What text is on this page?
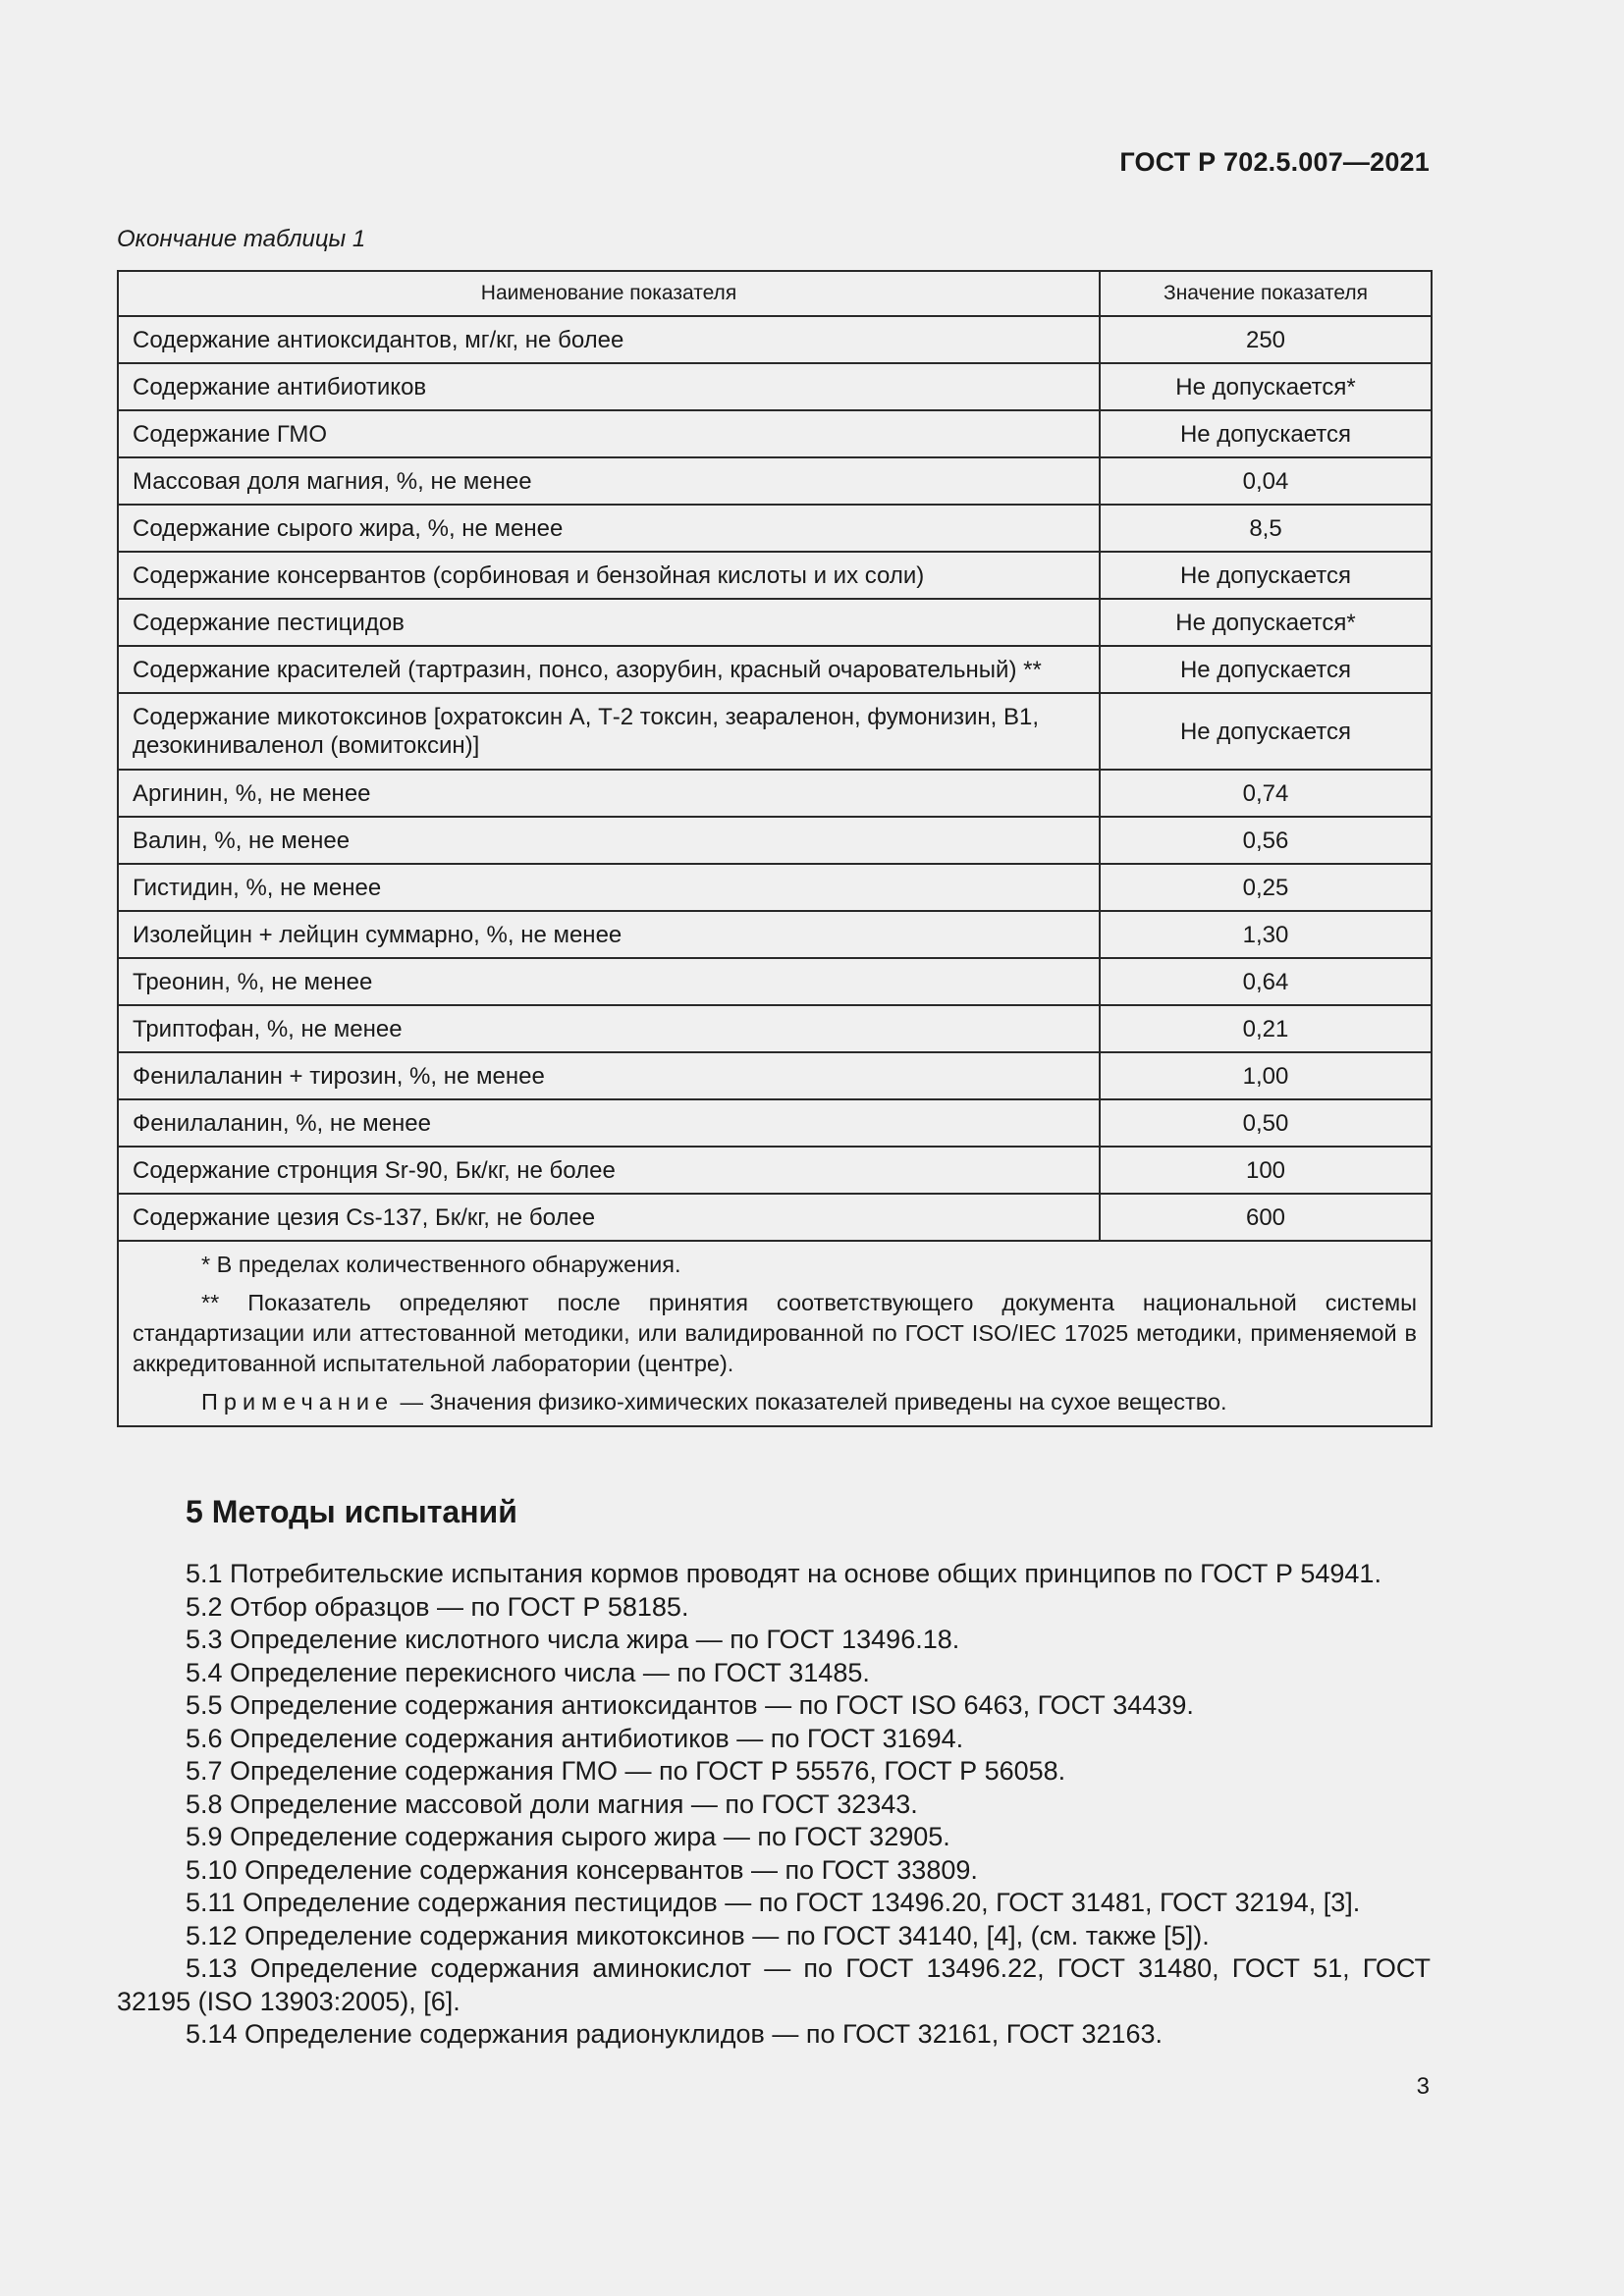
ГОСТ Р 702.5.007—2021
Окончание таблицы 1
Наименование показателя	Значение показателя
Содержание антиоксидантов, мг/кг, не более	250
Содержание антибиотиков	Не допускается*
Содержание ГМО	Не допускается
Массовая доля магния, %, не менее	0,04
Содержание сырого жира, %, не менее	8,5
Содержание консервантов (сорбиновая и бензойная кислоты и их соли)	Не допускается
Содержание пестицидов	Не допускается*
Содержание красителей (тартразин, понсо, азорубин, красный очаровательный) **	Не допускается
Содержание микотоксинов [охратоксин А, Т-2 токсин, зеараленон, фумонизин, В1, дезокиниваленол (вомитоксин)]	Не допускается
Аргинин, %, не менее	0,74
Валин, %, не менее	0,56
Гистидин, %, не менее	0,25
Изолейцин + лейцин суммарно, %, не менее	1,30
Треонин, %, не менее	0,64
Триптофан, %, не менее	0,21
Фенилаланин + тирозин, %, не менее	1,00
Фенилаланин, %, не менее	0,50
Содержание стронция Sr-90, Бк/кг, не более	100
Содержание цезия Cs-137, Бк/кг, не более	600

* В пределах количественного обнаружения.

** Показатель определяют после принятия соответствующего документа национальной системы стандартизации или аттестованной методики, или валидированной по ГОСТ ISO/IEC 17025 методики, применяемой в аккредитованной испытательной лаборатории (центре).

Примечание — Значения физико-химических показателей приведены на сухое вещество.	

5 Методы испытаний

5.1 Потребительские испытания кормов проводят на основе общих принципов по ГОСТ Р 54941.

5.2 Отбор образцов — по ГОСТ Р 58185.

5.3 Определение кислотного числа жира — по ГОСТ 13496.18.

5.4 Определение перекисного числа — по ГОСТ 31485.

5.5 Определение содержания антиоксидантов — по ГОСТ ISO 6463, ГОСТ 34439.

5.6 Определение содержания антибиотиков — по ГОСТ 31694.

5.7 Определение содержания ГМО — по ГОСТ Р 55576, ГОСТ Р 56058.

5.8 Определение массовой доли магния — по ГОСТ 32343.

5.9 Определение содержания сырого жира — по ГОСТ 32905.

5.10 Определение содержания консервантов — по ГОСТ 33809.

5.11 Определение содержания пестицидов — по ГОСТ 13496.20, ГОСТ 31481, ГОСТ 32194, [3].

5.12 Определение содержания микотоксинов — по ГОСТ 34140, [4], (см. также [5]).

5.13 Определение содержания аминокислот — по ГОСТ 13496.22, ГОСТ 31480, ГОСТ 51, ГОСТ 32195 (ISO 13903:2005), [6].

5.14 Определение содержания радионуклидов — по ГОСТ 32161, ГОСТ 32163.

3
